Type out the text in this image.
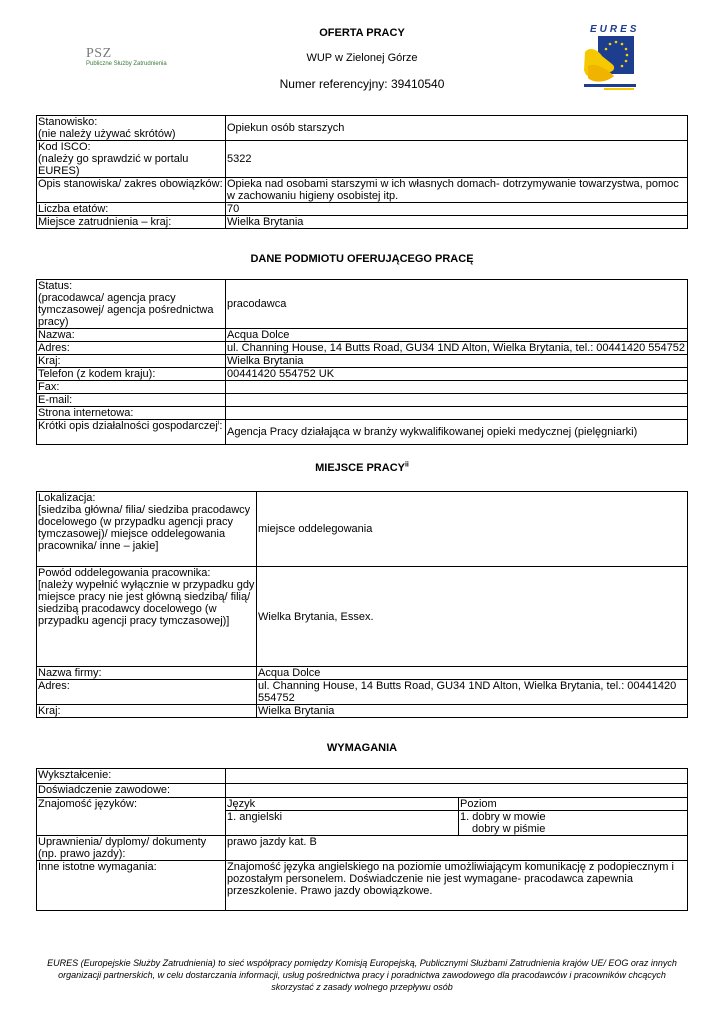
OFERTA PRACY
WUP w Zielonej Górze
Numer referencyjny: 39410540
PSZ
Publiczne Służby Zatrudnienia
EURES
Stanowisko:
(nie należy używać skrótów)	Opiekun osób starszych
Kod ISCO:
(należy go sprawdzić w portalu EURES)	5322
Opis stanowiska/ zakres obowiązków:	Opieka nad osobami starszymi w ich własnych domach- dotrzymywanie towarzystwa, pomoc w zachowaniu higieny osobistej itp.
Liczba etatów:	70
Miejsce zatrudnienia – kraj:	Wielka Brytania
DANE PODMIOTU OFERUJĄCEGO PRACĘ
Status:
(pracodawca/ agencja pracy tymczasowej/ agencja pośrednictwa pracy)	pracodawca
Nazwa:	Acqua Dolce
Adres:	ul. Channing House, 14 Butts Road, GU34 1ND Alton, Wielka Brytania, tel.: 00441420 554752
Kraj:	Wielka Brytania
Telefon (z kodem kraju):	00441420 554752 UK
Fax:	
E-mail:	
Strona internetowa:	
Krótki opis działalności gospodarczej$^i$:	Agencja Pracy działająca w branży wykwalifikowanej opieki medycznej (pielęgniarki)
MIEJSCE PRACY$^{ii}$
Lokalizacja:
[siedziba główna/ filia/ siedziba pracodawcy docelowego (w przypadku agencji pracy tymczasowej)/ miejsce oddelegowania pracownika/ inne – jakie]	miejsce oddelegowania
Powód oddelegowania pracownika:
[należy wypełnić wyłącznie w przypadku gdy miejsce pracy nie jest główną siedzibą/ filią/ siedzibą pracodawcy docelowego (w przypadku agencji pracy tymczasowej)]	Wielka Brytania, Essex.
Nazwa firmy:	Acqua Dolce
Adres:	ul. Channing House, 14 Butts Road, GU34 1ND Alton, Wielka Brytania, tel.: 00441420 554752
Kraj:	Wielka Brytania
WYMAGANIA
Wykształcenie:		
Doświadczenie zawodowe:		
Znajomość języków:	Język	Poziom
	1. angielski	1. dobry w mowie
dobry w piśmie

Uprawnienia/ dyplomy/ dokumenty (np. prawo jazdy):	prawo jazdy kat. B	
Inne istotne wymagania:	Znajomość języka angielskiego na poziomie umożliwiającym komunikację z podopiecznym i pozostałym personelem. Doświadczenie nie jest wymagane- pracodawca zapewnia przeszkolenie. Prawo jazdy obowiązkowe.	
EURES (Europejskie Służby Zatrudnienia) to sieć współpracy pomiędzy Komisją Europejską, Publicznymi Służbami Zatrudnienia krajów UE/ EOG oraz innych organizacji partnerskich, w celu dostarczania informacji, usług pośrednictwa pracy i poradnictwa zawodowego dla pracodawców i pracowników chcących skorzystać z zasady wolnego przepływu osób
